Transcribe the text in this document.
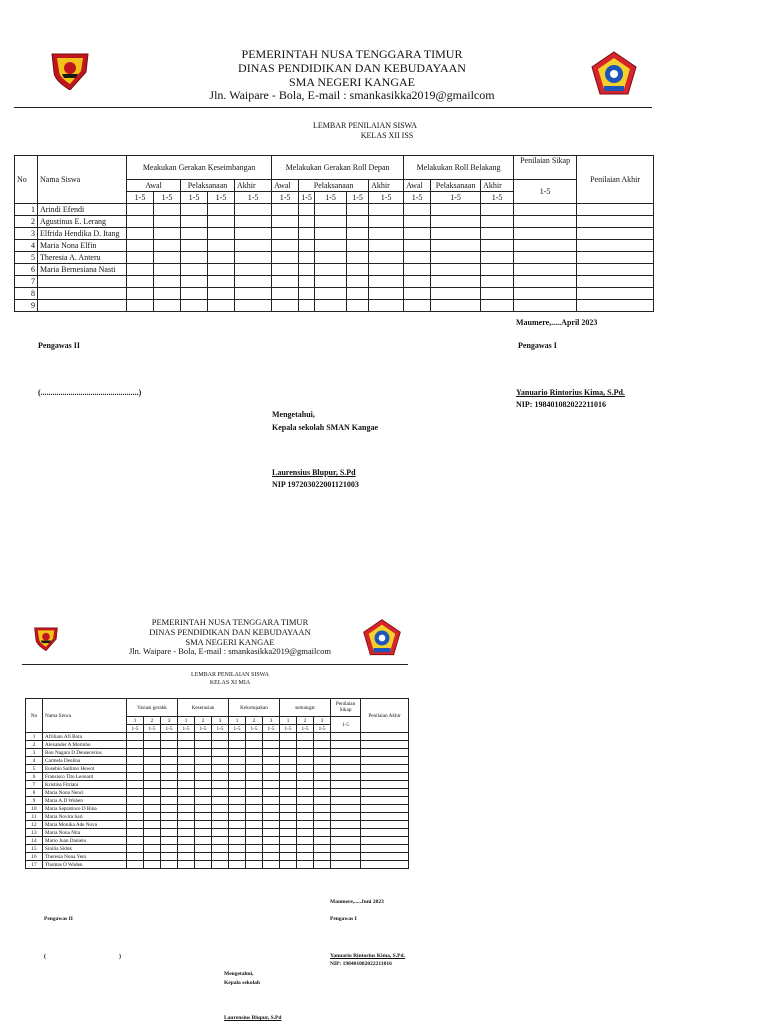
PEMERINTAH NUSA TENGGARA TIMUR
DINAS PENDIDIKAN DAN KEBUDAYAAN
SMA NEGERI KANGAE
Jln. Waipare - Bola, E-mail : smankasikka2019@gmailcom
LEMBAR PENILAIAN SISWA
KELAS XII ISS
No	Nama Siswa	Meakukan Gerakan Keseimbangan					Melakukan Gerakan Roll Depan					Melakukan Roll Belakang			Penilaian Sikap	Penilaian Akhir
		Awal		Pelaksanaan		Akhir	Awal	Pelaksanaan			Akhir	Awal	Pelaksanaan	Akhir	1-5	
		1-5	1-5	1-5	1-5	1-5	1-5	1-5	1-5	1-5	1-5	1-5	1-5	1-5		
1	Arindi Efendi															
2	Agustinus E. Lerang															
3	Elfrida Hendika D. Itang															
4	Maria Nona Elfin															
5	Theresia A. Anteru															
6	Maria Bernesiana Nasti															
7																
8																
9																
Maumere,.....April 2023
Pengawas II	Pengawas I
(.................................................)	Yanuario Rintorius Kima, S.Pd.
NIP: 198401082022211016
Mengetahui,
Kepala sekolah SMAN Kangae
Laurensius Blupur, S.Pd
NIP 197203022001121003
PEMERINTAH NUSA TENGGARA TIMUR
DINAS PENDIDIKAN DAN KEBUDAYAAN
SMA NEGERI KANGAE
Jln. Waipare - Bola, E-mail : smankasikka2019@gmailcom
LEMBAR PENILAIAN SISWA
KELAS XI MIA
No	Nama Siswa	Variasi gerakk			Keserasian			Kekompakan			semangat			Penilaian Sikap	Penilaian Akhir
		1	2	3	1	2	3	1	2	3	1	2	3	1-5	
		1-5	1-5	1-5	1-5	1-5	1-5	1-5	1-5	1-5	1-5	1-5	1-5		
1	Afriliani Afi Bota														
2	Alexander A Morinho														
3	Bou Nagara D Deusecerios														
4	Carmela Deolina														
5	Eusebio Sallimo Hewot														
6	Fransisco Tito Leonard														
7	Kristina Fitriani														
8	Maria Nona Nenci														
9	Maria A.D Woben														
10	Maria Sepratince D Rina														
11	Maria Novira Sari														
12	Maria Monika Ade Nova														
13	Maria Nona Nita														
14	Mario Juan Danielo														
15	Sinilia Sidok														
16	Theresia Nona Yeni														
17	Thomas O Woden														
Maumere,.....Juni 2023
Pengawas II	Pengawas I
(	)	Yanuario Rintorius Kima, S.Pd.
NIP: 198401082022211016
Mengetahui,
Kepala sekolah
Laurensius Blupur, S.Pd
